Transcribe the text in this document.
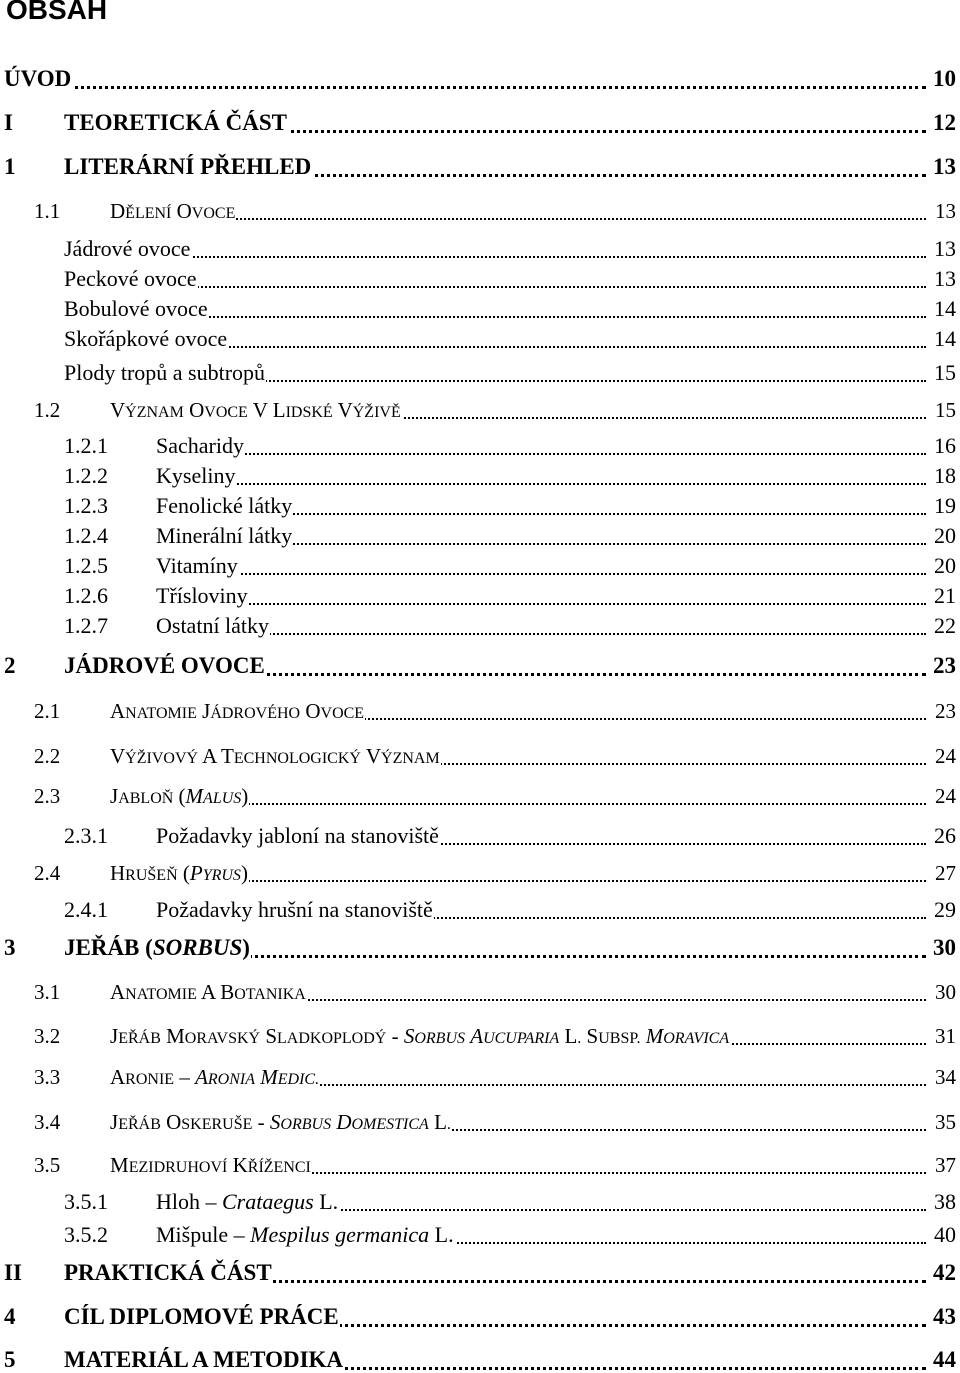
OBSAH
ÚVOD	10
I TEORETICKÁ ČÁST	12
1 LITERÁRNÍ PŘEHLED	13
1.1 DĚLENÍ OVOCE	13
Jádrové ovoce	13
Peckové ovoce	13
Bobulové ovoce	14
Skořápkové ovoce	14
Plody tropů a subtropů	15
1.2 VÝZNAM OVOCE V LIDSKÉ VÝŽIVĚ	15
1.2.1 Sacharidy	16
1.2.2 Kyseliny	18
1.2.3 Fenolické látky	19
1.2.4 Minerální látky	20
1.2.5 Vitamíny	20
1.2.6 Třísloviny	21
1.2.7 Ostatní látky	22
2 JÁDROVÉ OVOCE	23
2.1 ANATOMIE JÁDROVÉHO OVOCE	23
2.2 VÝŽIVOVÝ A TECHNOLOGICKÝ VÝZNAM	24
2.3 JABLOŇ (MALUS)	24
2.3.1 Požadavky jabloní na stanoviště	26
2.4 HRUŠEŇ (PYRUS)	27
2.4.1 Požadavky hrušní na stanoviště	29
3 JEŘÁB (SORBUS)	30
3.1 ANATOMIE A BOTANIKA	30
3.2 JEŘÁB MORAVSKÝ SLADKOPLODÝ - SORBUS AUCUPARIA L. SUBSP. MORAVICA	31
3.3 ARONIE – ARONIA MEDIC.	34
3.4 JEŘÁB OSKERUŠE - SORBUS DOMESTICA L.	35
3.5 MEZIDRUHOVÍ KŘÍŽENCI	37
3.5.1 Hloh – Crataegus L.	38
3.5.2 Mišpule – Mespilus germanica L.	40
II PRAKTICKÁ ČÁST	42
4 CÍL DIPLOMOVÉ PRÁCE	43
5 MATERIÁL A METODIKA	44
